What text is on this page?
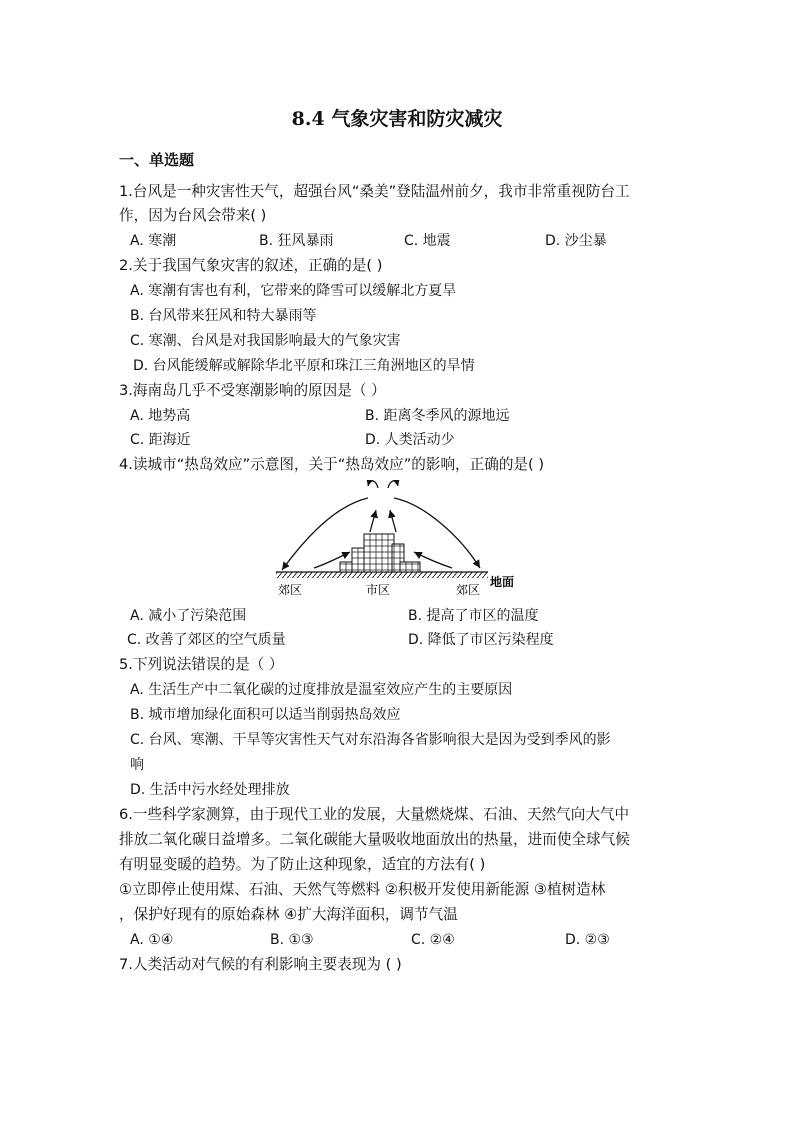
8.4 气象灾害和防灾减灾
一、单选题
1.台风是一种灾害性天气，超强台风“桑美”登陆温州前夕，我市非常重视防台工
作，因为台风会带来( )
A. 寒潮	B. 狂风暴雨	C. 地震	D. 沙尘暴
2.关于我国气象灾害的叙述，正确的是( )
A. 寒潮有害也有利，它带来的降雪可以缓解北方夏旱
B. 台风带来狂风和特大暴雨等
C. 寒潮、台风是对我国影响最大的气象灾害
D. 台风能缓解或解除华北平原和珠江三角洲地区的旱情
3.海南岛几乎不受寒潮影响的原因是（ ）
A. 地势高	B. 距离冬季风的源地远
C. 距海近	D. 人类活动少
4.读城市“热岛效应”示意图，关于“热岛效应”的影响，正确的是( )
郊区	市区	郊区
地面
A. 减小了污染范围	B. 提高了市区的温度
C. 改善了郊区的空气质量	D. 降低了市区污染程度
5.下列说法错误的是（ ）
A. 生活生产中二氧化碳的过度排放是温室效应产生的主要原因
B. 城市增加绿化面积可以适当削弱热岛效应
C. 台风、寒潮、干旱等灾害性天气对东沿海各省影响很大是因为受到季风的影
响
D. 生活中污水经处理排放
6.一些科学家测算，由于现代工业的发展，大量燃烧煤、石油、天然气向大气中
排放二氧化碳日益增多。二氧化碳能大量吸收地面放出的热量，进而使全球气候
有明显变暖的趋势。为了防止这种现象，适宜的方法有( )
①立即停止使用煤、石油、天然气等燃料 ②积极开发使用新能源 ③植树造林
，保护好现有的原始森林 ④扩大海洋面积，调节气温
A. ①④	B. ①③	C. ②④	D. ②③
7.人类活动对气候的有利影响主要表现为 ( )
